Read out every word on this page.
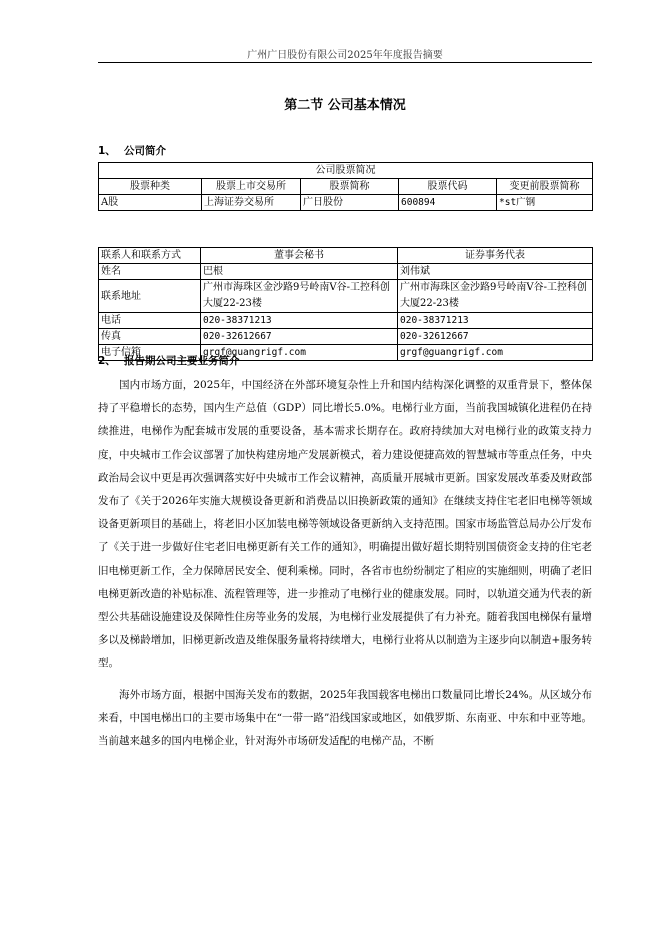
广州广日股份有限公司2025年年度报告摘要
第二节 公司基本情况
1、 公司简介
公司股票简况				
股票种类	股票上市交易所	股票简称	股票代码	变更前股票简称
A股	上海证券交易所	广日股份	600894	*st广钢
联系人和联系方式	董事会秘书	证券事务代表
姓名	巴根	刘伟斌
联系地址	广州市海珠区金沙路9号岭南V谷-工控科创大厦22-23楼	广州市海珠区金沙路9号岭南V谷-工控科创大厦22-23楼
电话	020-38371213	020-38371213
传真	020-32612667	020-32612667
电子信箱	grgf@guangrigf.com	grgf@guangrigf.com
2、 报告期公司主要业务简介

国内市场方面，2025年，中国经济在外部环境复杂性上升和国内结构深化调整的双重背景下，整体保持了平稳增长的态势，国内生产总值（GDP）同比增长5.0%。电梯行业方面，当前我国城镇化进程仍在持续推进，电梯作为配套城市发展的重要设备，基本需求长期存在。政府持续加大对电梯行业的政策支持力度，中央城市工作会议部署了加快构建房地产发展新模式，着力建设便捷高效的智慧城市等重点任务，中央政治局会议中更是再次强调落实好中央城市工作会议精神，高质量开展城市更新。国家发展改革委及财政部发布了《关于2026年实施大规模设备更新和消费品以旧换新政策的通知》在继续支持住宅老旧电梯等领域设备更新项目的基础上，将老旧小区加装电梯等领域设备更新纳入支持范围。国家市场监管总局办公厅发布了《关于进一步做好住宅老旧电梯更新有关工作的通知》，明确提出做好超长期特别国债资金支持的住宅老旧电梯更新工作，全力保障居民安全、便利乘梯。同时，各省市也纷纷制定了相应的实施细则，明确了老旧电梯更新改造的补贴标准、流程管理等，进一步推动了电梯行业的健康发展。同时，以轨道交通为代表的新型公共基础设施建设及保障性住房等业务的发展，为电梯行业发展提供了有力补充。随着我国电梯保有量增多以及梯龄增加，旧梯更新改造及维保服务量将持续增大，电梯行业将从以制造为主逐步向以制造+服务转型。

海外市场方面，根据中国海关发布的数据，2025年我国载客电梯出口数量同比增长24%。从区域分布来看，中国电梯出口的主要市场集中在“一带一路”沿线国家或地区，如俄罗斯、东南亚、中东和中亚等地。当前越来越多的国内电梯企业，针对海外市场研发适配的电梯产品，不断
